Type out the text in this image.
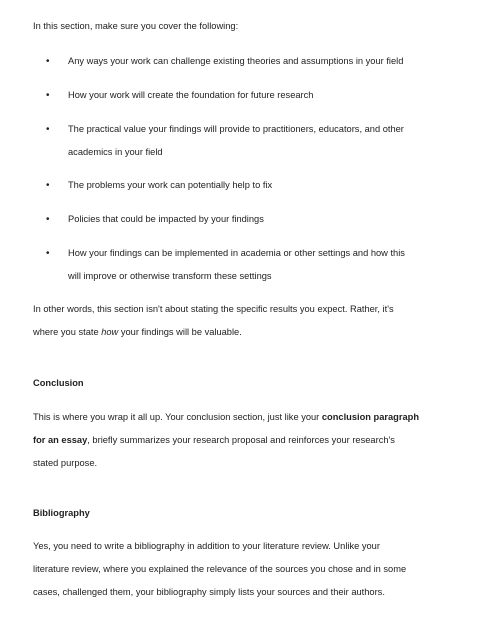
In this section, make sure you cover the following:
• Any ways your work can challenge existing theories and assumptions in your field
• How your work will create the foundation for future research
• The practical value your findings will provide to practitioners, educators, and other
academics in your field
• The problems your work can potentially help to fix
• Policies that could be impacted by your findings
• How your findings can be implemented in academia or other settings and how this
will improve or otherwise transform these settings
In other words, this section isn't about stating the specific results you expect. Rather, it's
where you state how your findings will be valuable.
Conclusion
This is where you wrap it all up. Your conclusion section, just like your conclusion paragraph
for an essay, briefly summarizes your research proposal and reinforces your research's
stated purpose.
Bibliography
Yes, you need to write a bibliography in addition to your literature review. Unlike your
literature review, where you explained the relevance of the sources you chose and in some
cases, challenged them, your bibliography simply lists your sources and their authors.
